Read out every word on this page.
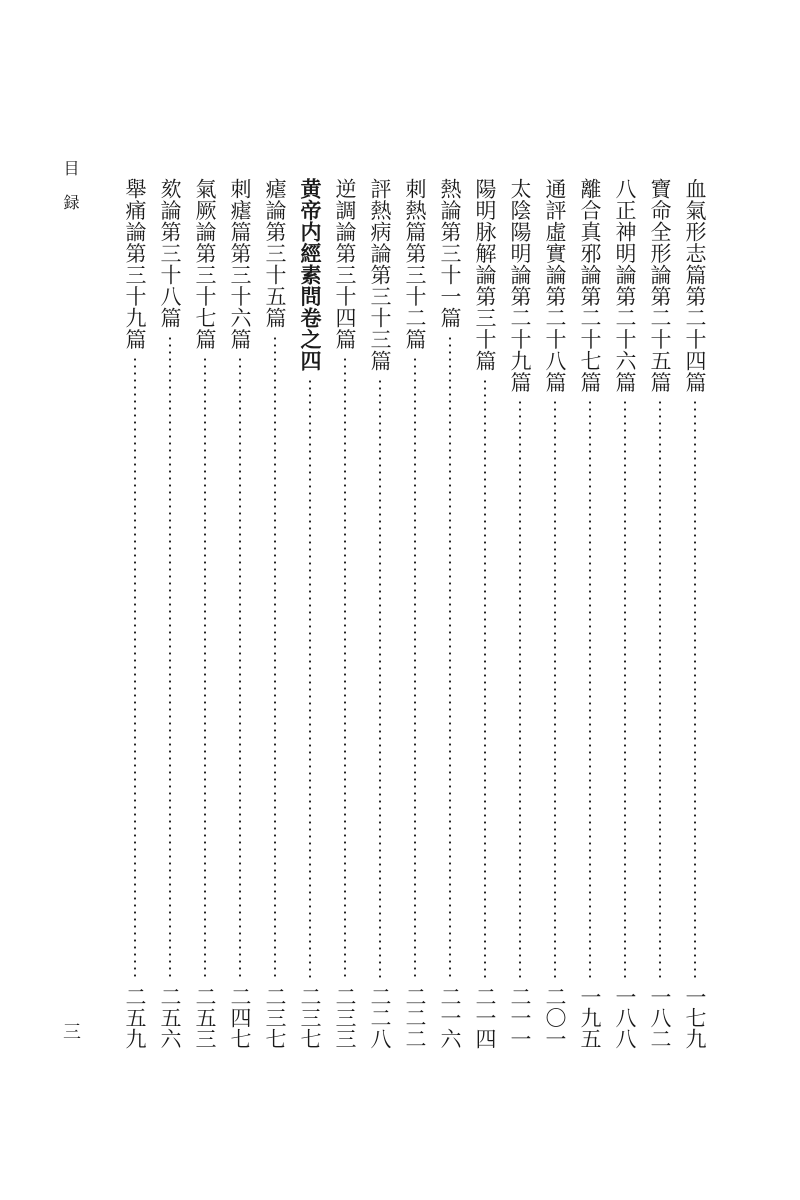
目録
三
血氣形志篇第二十四篇
一七九
寶命全形論第二十五篇
一八二
八正神明論第二十六篇
一八八
離合真邪論第二十七篇
一九五
通評虛實論第二十八篇
二〇一
太陰陽明論第二十九篇
二一一
陽明脉解論第三十篇
二一四
熱論第三十一篇
二一六
刺熱篇第三十二篇
二二二
評熱病論第三十三篇
二二八
逆調論第三十四篇
二三三
黄帝内經素問卷之四
二三七
瘧論第三十五篇
二三七
刺瘧篇第三十六篇
二四七
氣厥論第三十七篇
二五三
欬論第三十八篇
二五六
舉痛論第三十九篇
二五九
